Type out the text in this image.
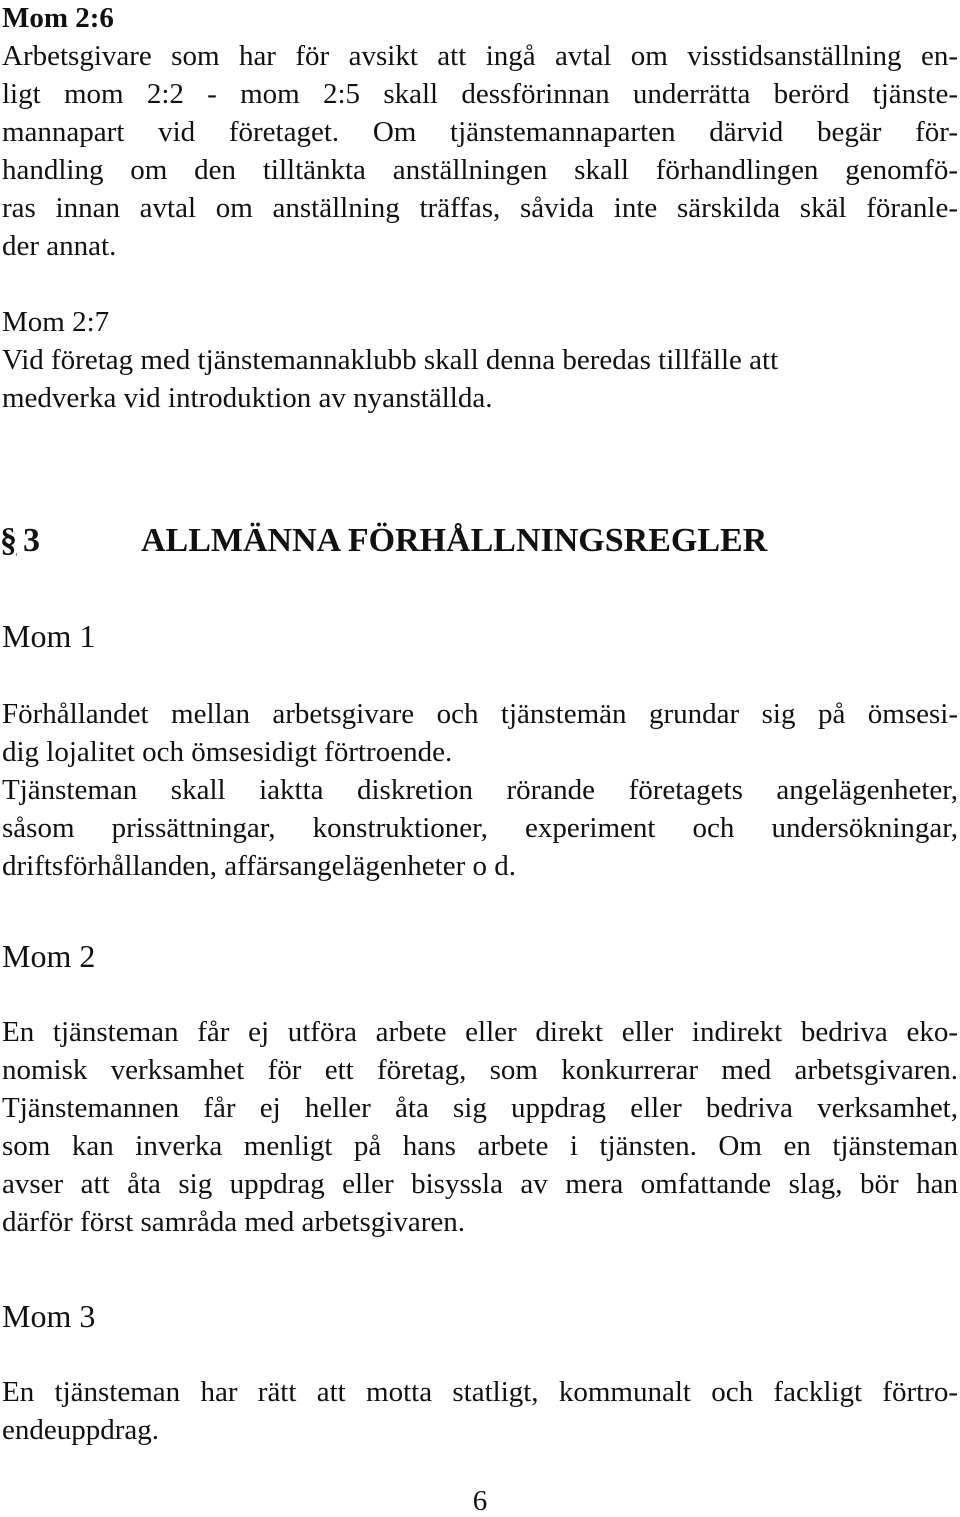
Mom 2:6
Arbetsgivare som har för avsikt att ingå avtal om visstidsanställning en-
ligt mom 2:2 - mom 2:5 skall dessförinnan underrätta berörd tjänste-
mannapart vid företaget. Om tjänstemannaparten därvid begär för-
handling om den tilltänkta anställningen skall förhandlingen genomfö-
ras innan avtal om anställning träffas, såvida inte särskilda skäl föranle-
der annat.
Mom 2:7
Vid företag med tjänstemannaklubb skall denna beredas tillfälle att
medverka vid introduktion av nyanställda.
§ 3	ALLMÄNNA FÖRHÅLLNINGSREGLER
Mom 1
Förhållandet mellan arbetsgivare och tjänstemän grundar sig på ömsesi-
dig lojalitet och ömsesidigt förtroende.
Tjänsteman skall iaktta diskretion rörande företagets angelägenheter,
såsom prissättningar, konstruktioner, experiment och undersökningar,
driftsförhållanden, affärsangelägenheter o d.
Mom 2
En tjänsteman får ej utföra arbete eller direkt eller indirekt bedriva eko-
nomisk verksamhet för ett företag, som konkurrerar med arbetsgivaren.
Tjänstemannen får ej heller åta sig uppdrag eller bedriva verksamhet,
som kan inverka menligt på hans arbete i tjänsten. Om en tjänsteman
avser att åta sig uppdrag eller bisyssla av mera omfattande slag, bör han
därför först samråda med arbetsgivaren.
Mom 3
En tjänsteman har rätt att motta statligt, kommunalt och fackligt förtro-
endeuppdrag.
6
